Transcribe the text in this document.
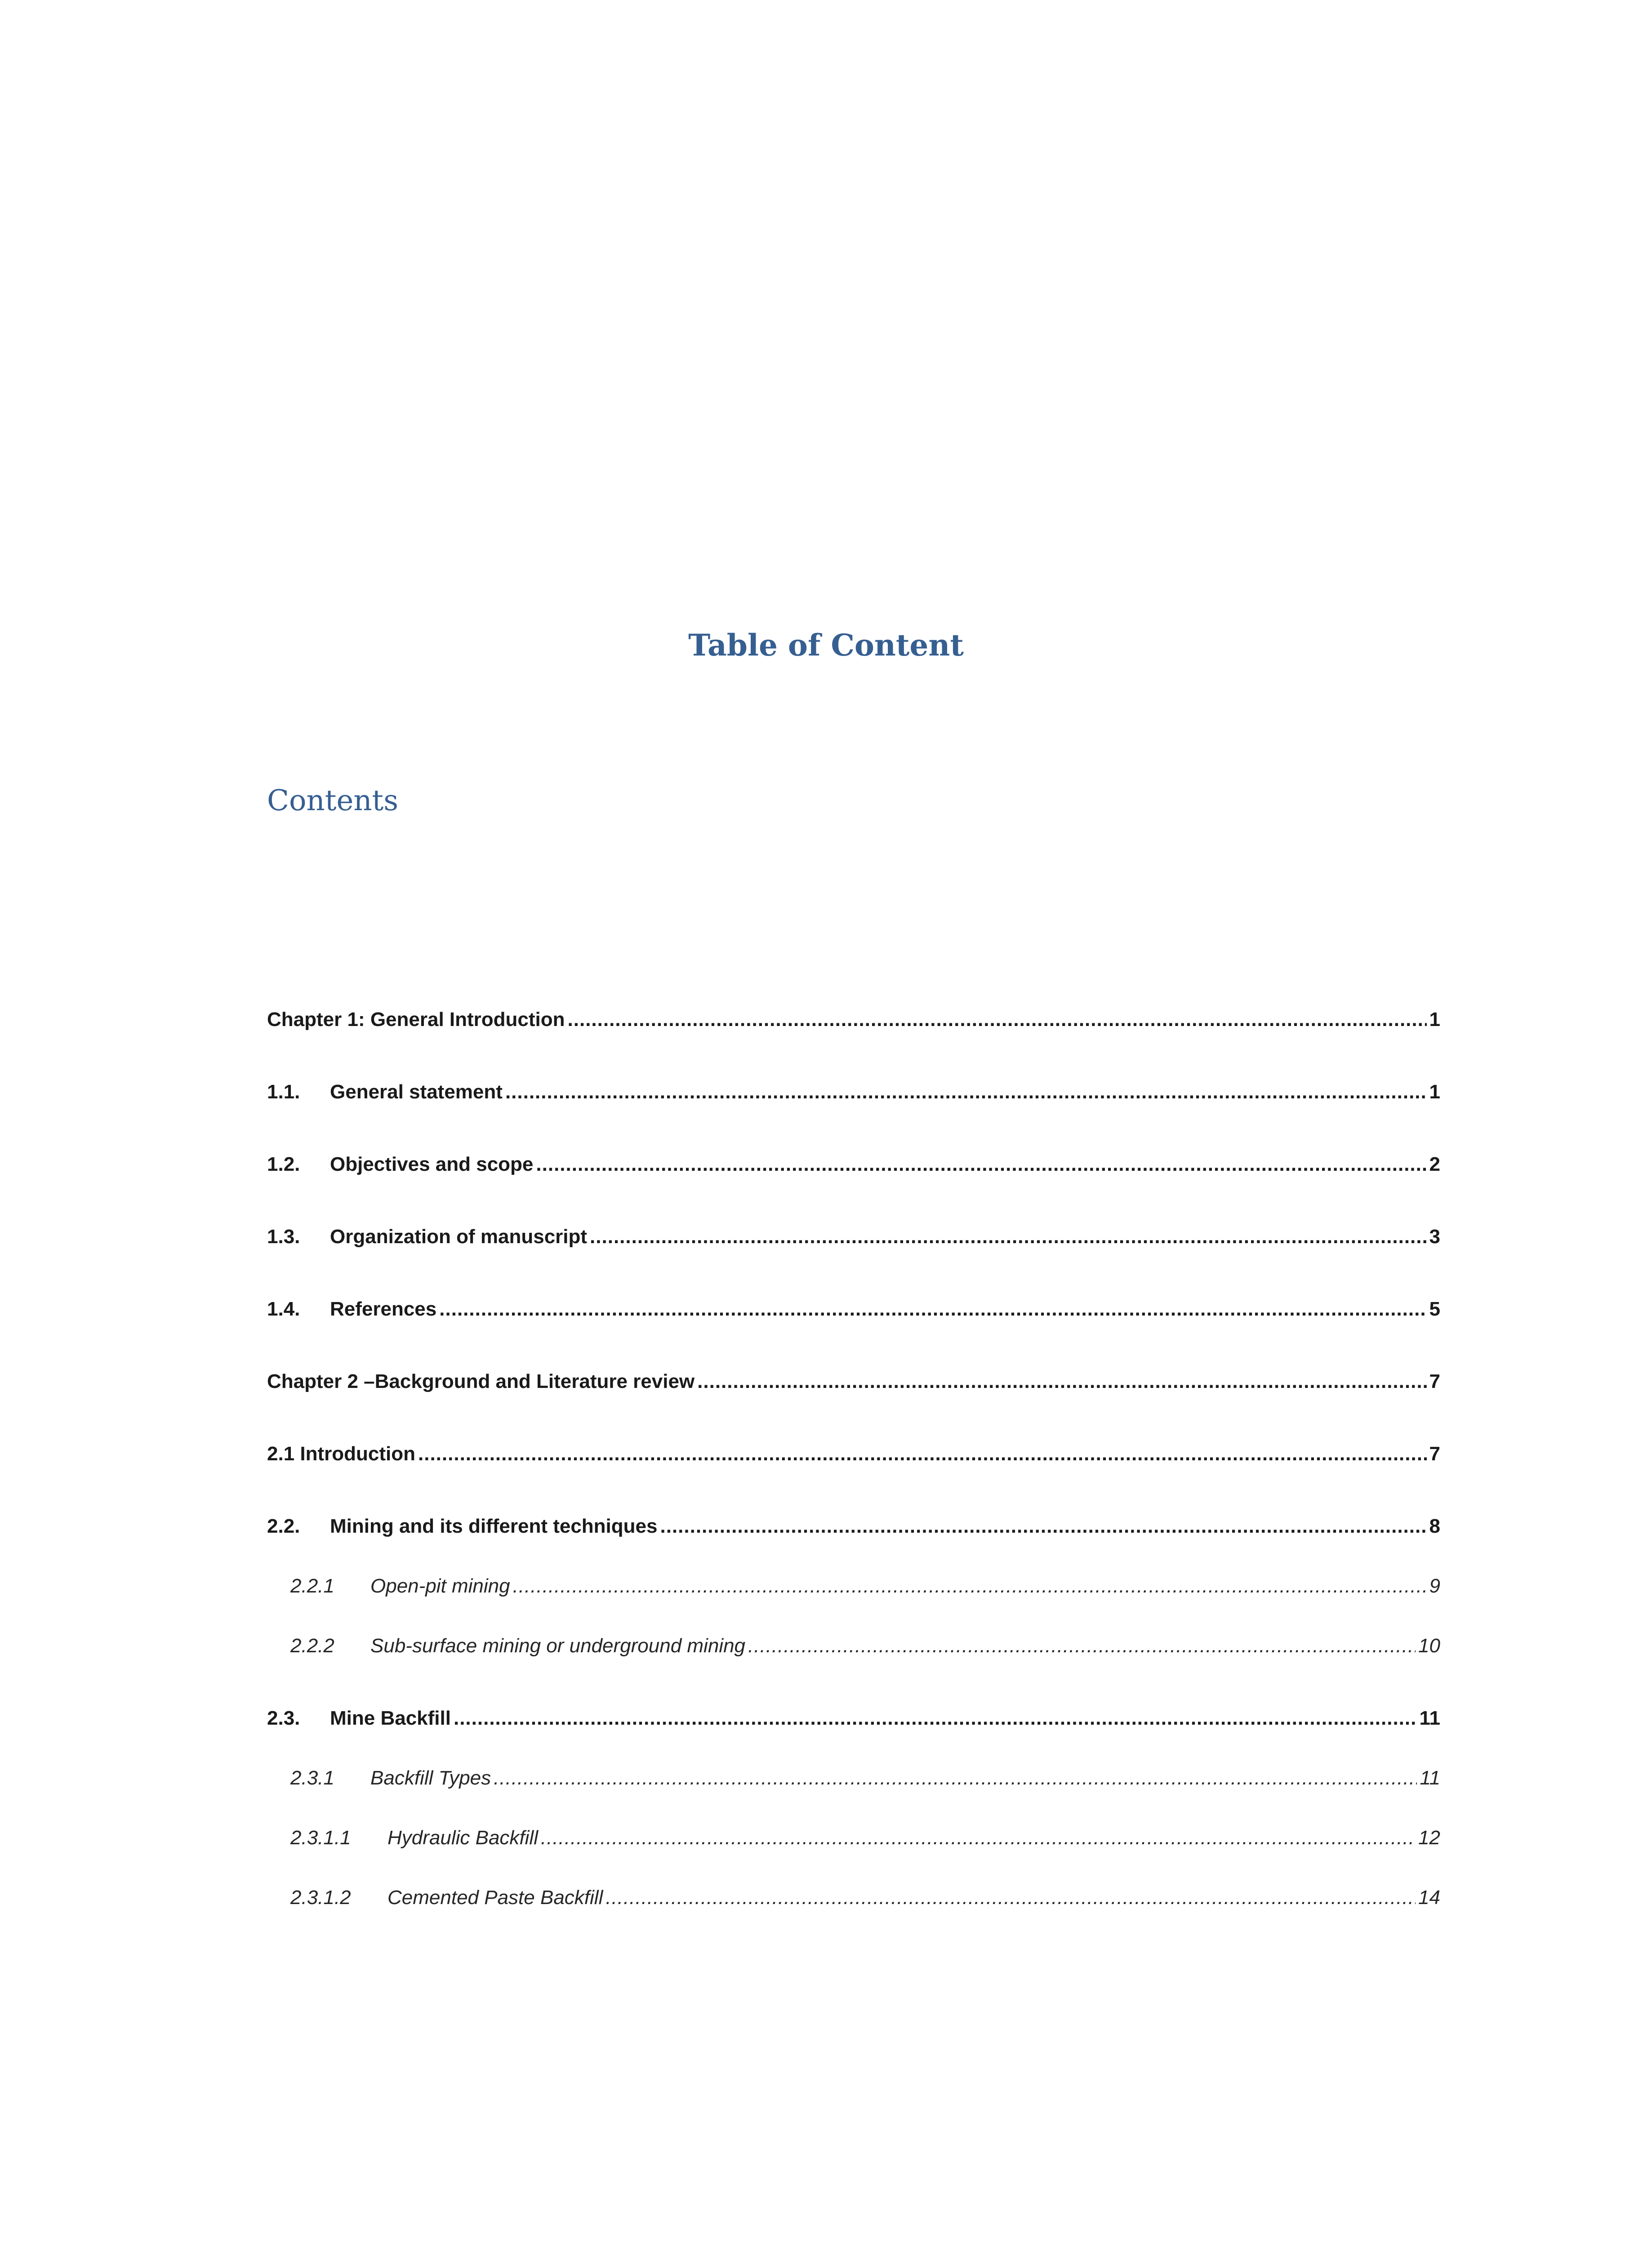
Table of Content
Contents
Chapter 1: General Introduction .....	1
1.1.	General statement .....	1
1.2.	Objectives and scope .....	2
1.3.	Organization of manuscript .....	3
1.4.	References .....	5
Chapter 2 –Background and Literature review .....	7
2.1 Introduction .....	7
2.2.	Mining and its different techniques .....	8
2.2.1	Open-pit mining .....	9
2.2.2	Sub-surface mining or underground mining .....	10
2.3.	Mine Backfill .....	11
2.3.1	Backfill Types .....	11
2.3.1.1	Hydraulic Backfill .....	12
2.3.1.2	Cemented Paste Backfill .....	14
